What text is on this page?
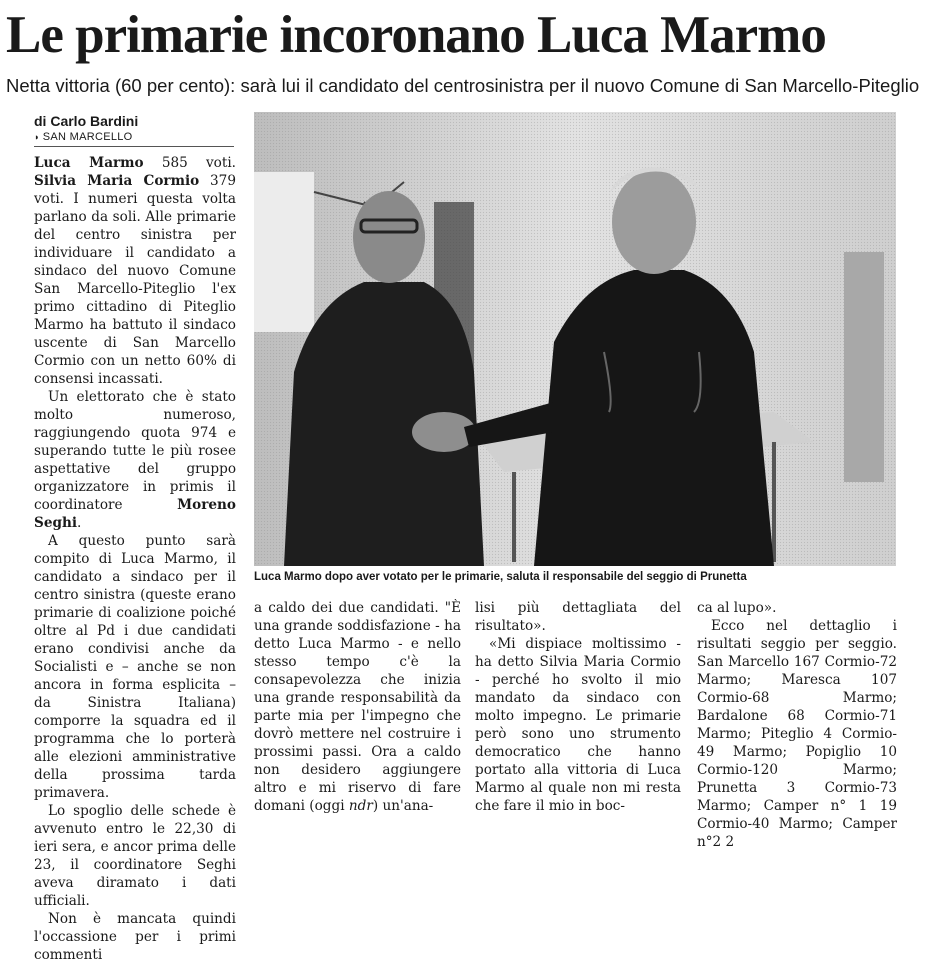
Le primarie incoronano Luca Marmo

Netta vittoria (60 per cento): sarà lui il candidato del centrosinistra per il nuovo Comune di San Marcello-Piteglio

di Carlo Bardini
◗ SAN MARCELLO

Luca Marmo 585 voti. Silvia Maria Cormio 379 voti. I numeri questa volta parlano da soli. Alle primarie del centro sinistra per individuare il candidato a sindaco del nuovo Comune San Marcello-Piteglio l'ex primo cittadino di Piteglio Marmo ha battuto il sindaco uscente di San Marcello Cormio con un netto 60% di consensi incassati.

Un elettorato che è stato molto numeroso, raggiungendo quota 974 e superando tutte le più rosee aspettative del gruppo organizzatore in primis il coordinatore Moreno Seghi.

A questo punto sarà compito di Luca Marmo, il candidato a sindaco per il centro sinistra (queste erano primarie di coalizione poiché oltre al Pd i due candidati erano condivisi anche da Socialisti e – anche se non ancora in forma esplicita – da Sinistra Italiana) comporre la squadra ed il programma che lo porterà alle elezioni amministrative della prossima tarda primavera.

Lo spoglio delle schede è avvenuto entro le 22,30 di ieri sera, e ancor prima delle 23, il coordinatore Seghi aveva diramato i dati ufficiali.

Non è mancata quindi l'occassione per i primi commenti

Luca Marmo dopo aver votato per le primarie, saluta il responsabile del seggio di Prunetta

a caldo dei due candidati. "È una grande soddisfazione - ha detto Luca Marmo - e nello stesso tempo c'è la consapevolezza che inizia una grande responsabilità da parte mia per l'impegno che dovrò mettere nel costruire i prossimi passi. Ora a caldo non desidero aggiungere altro e mi riservo di fare domani (oggi ndr) un'ana-

lisi più dettagliata del risultato».

«Mi dispiace moltissimo - ha detto Silvia Maria Cormio - perché ho svolto il mio mandato da sindaco con molto impegno. Le primarie però sono uno strumento democratico che hanno portato alla vittoria di Luca Marmo al quale non mi resta che fare il mio in boc-

ca al lupo».

Ecco nel dettaglio i risultati seggio per seggio. San Marcello 167 Cormio-72 Marmo; Maresca 107 Cormio-68 Marmo; Bardalone 68 Cormio-71 Marmo; Piteglio 4 Cormio-49 Marmo; Popiglio 10 Cormio-120 Marmo; Prunetta 3 Cormio-73 Marmo; Camper n° 1 19 Cormio-40 Marmo; Camper n°2 2
